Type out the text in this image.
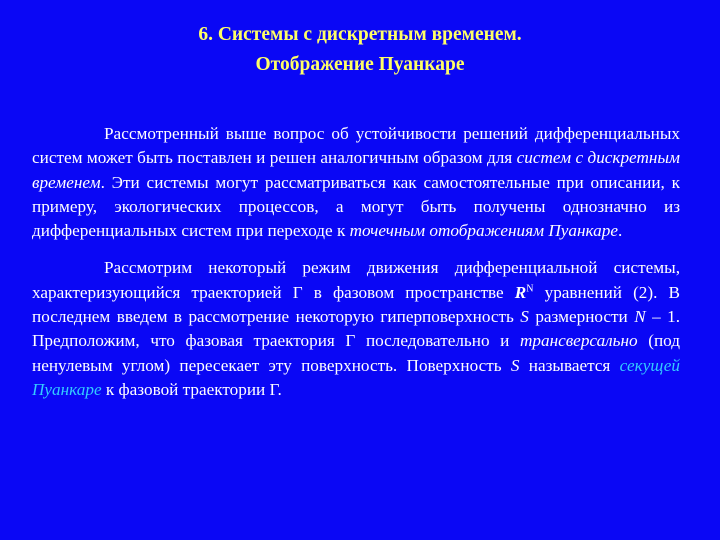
6. Системы с дискретным временем.
Отображение Пуанкаре

Рассмотренный выше вопрос об устойчивости решений дифференциальных систем может быть поставлен и решен аналогичным образом для систем с дискретным временем. Эти системы могут рассматриваться как самостоятельные при описании, к примеру, экологических процессов, а могут быть получены однозначно из дифференциальных систем при переходе к точечным отображениям Пуанкаре.

Рассмотрим некоторый режим движения дифференциальной системы, характеризующийся траекторией Г в фазовом пространстве $R^N$ уравнений (2). В последнем введем в рассмотрение некоторую гиперповерхность S размерности N – 1. Предположим, что фазовая траектория Г последовательно и трансверсально (под ненулевым углом) пересекает эту поверхность. Поверхность S называется секущей Пуанкаре к фазовой траектории Г.
